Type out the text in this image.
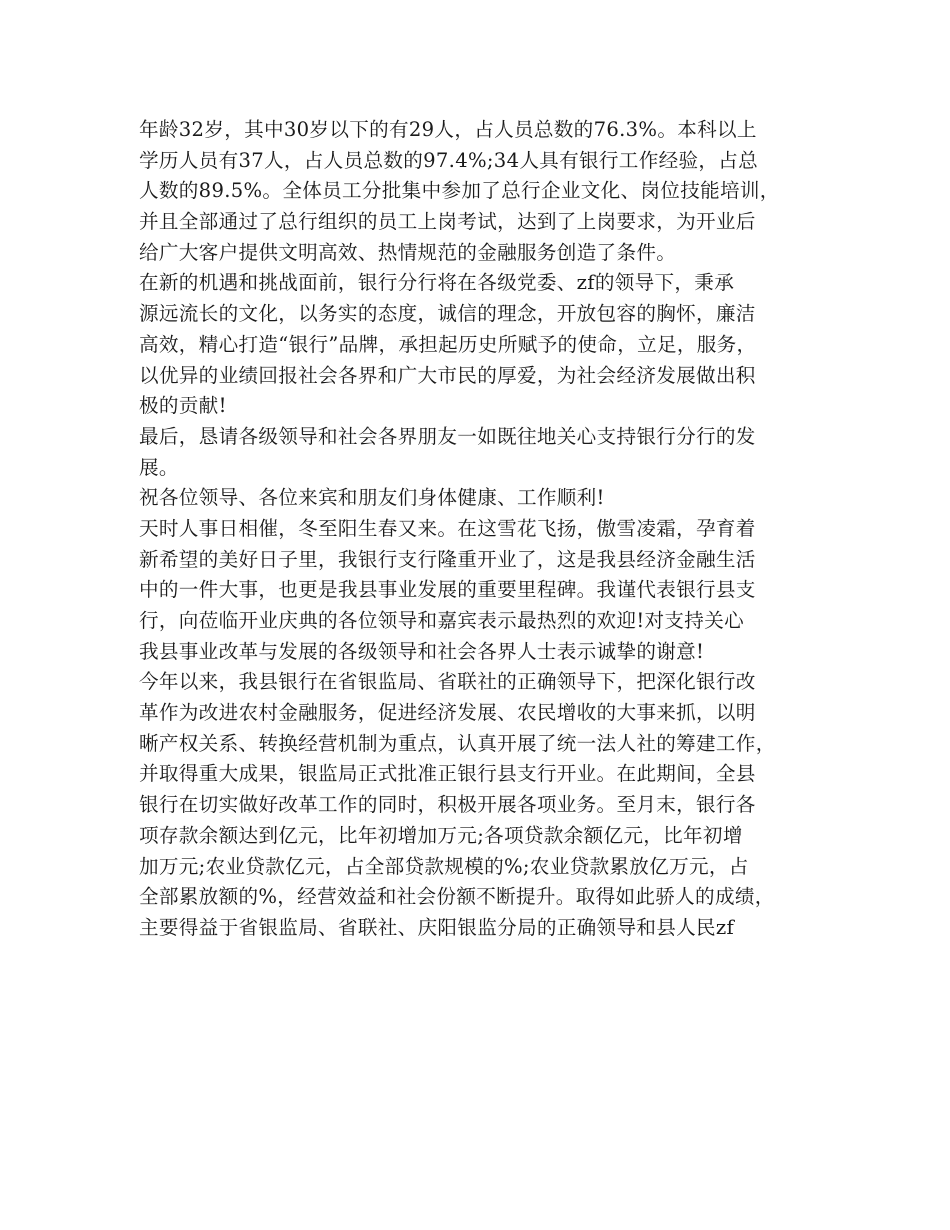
年龄32岁，其中30岁以下的有29人，占人员总数的76.3%。本科以上
学历人员有37人，占人员总数的97.4%;34人具有银行工作经验，占总
人数的89.5%。全体员工分批集中参加了总行企业文化、岗位技能培训，
并且全部通过了总行组织的员工上岗考试，达到了上岗要求，为开业后
给广大客户提供文明高效、热情规范的金融服务创造了条件。
在新的机遇和挑战面前，银行分行将在各级党委、zf的领导下，秉承
源远流长的文化，以务实的态度，诚信的理念，开放包容的胸怀，廉洁
高效，精心打造“银行”品牌，承担起历史所赋予的使命，立足，服务，
以优异的业绩回报社会各界和广大市民的厚爱，为社会经济发展做出积
极的贡献!
最后，恳请各级领导和社会各界朋友一如既往地关心支持银行分行的发
展。
祝各位领导、各位来宾和朋友们身体健康、工作顺利!
天时人事日相催，冬至阳生春又来。在这雪花飞扬，傲雪凌霜，孕育着
新希望的美好日子里，我银行支行隆重开业了，这是我县经济金融生活
中的一件大事，也更是我县事业发展的重要里程碑。我谨代表银行县支
行，向莅临开业庆典的各位领导和嘉宾表示最热烈的欢迎!对支持关心
我县事业改革与发展的各级领导和社会各界人士表示诚挚的谢意!
今年以来，我县银行在省银监局、省联社的正确领导下，把深化银行改
革作为改进农村金融服务，促进经济发展、农民增收的大事来抓，以明
晰产权关系、转换经营机制为重点，认真开展了统一法人社的筹建工作，
并取得重大成果，银监局正式批准正银行县支行开业。在此期间，全县
银行在切实做好改革工作的同时，积极开展各项业务。至月末，银行各
项存款余额达到亿元，比年初增加万元;各项贷款余额亿元，比年初增
加万元;农业贷款亿元，占全部贷款规模的%;农业贷款累放亿万元，占
全部累放额的%，经营效益和社会份额不断提升。取得如此骄人的成绩，
主要得益于省银监局、省联社、庆阳银监分局的正确领导和县人民zf
